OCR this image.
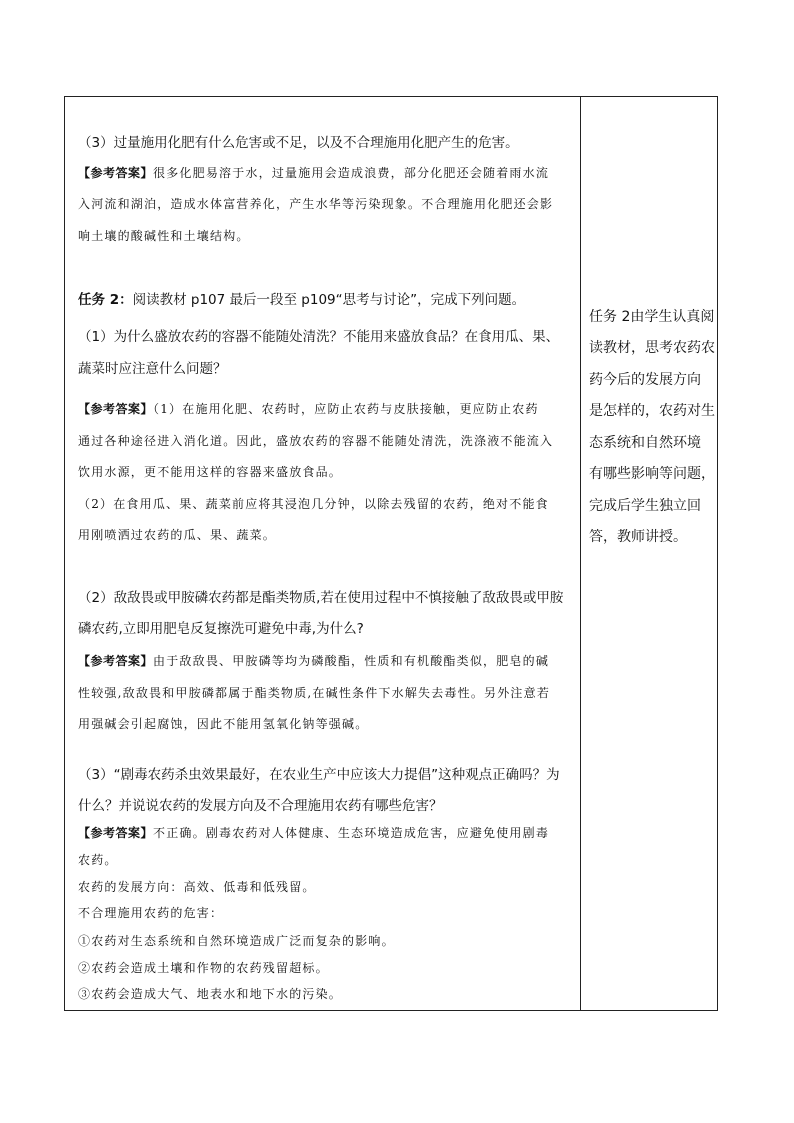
（3）过量施用化肥有什么危害或不足，以及不合理施用化肥产生的危害。
【参考答案】很多化肥易溶于水，过量施用会造成浪费，部分化肥还会随着雨水流
入河流和湖泊，造成水体富营养化，产生水华等污染现象。不合理施用化肥还会影
响土壤的酸碱性和土壤结构。
任务 2：阅读教材 p107 最后一段至 p109“思考与讨论”，完成下列问题。
（1）为什么盛放农药的容器不能随处清洗？不能用来盛放食品？在食用瓜、果、
蔬菜时应注意什么问题？
【参考答案】（1）在施用化肥、农药时，应防止农药与皮肤接触，更应防止农药
通过各种途径进入消化道。因此，盛放农药的容器不能随处清洗，洗涤液不能流入
饮用水源，更不能用这样的容器来盛放食品。
（2）在食用瓜、果、蔬菜前应将其浸泡几分钟，以除去残留的农药，绝对不能食
用刚喷洒过农药的瓜、果、蔬菜。
（2）敌敌畏或甲胺磷农药都是酯类物质,若在使用过程中不慎接触了敌敌畏或甲胺
磷农药,立即用肥皂反复擦洗可避免中毒,为什么?
【参考答案】由于敌敌畏、甲胺磷等均为磷酸酯，性质和有机酸酯类似，肥皂的碱
性较强,敌敌畏和甲胺磷都属于酯类物质,在碱性条件下水解失去毒性。另外注意若
用强碱会引起腐蚀，因此不能用氢氧化钠等强碱。
（3）“剧毒农药杀虫效果最好，在农业生产中应该大力提倡”这种观点正确吗？为
什么？并说说农药的发展方向及不合理施用农药有哪些危害？
【参考答案】不正确。剧毒农药对人体健康、生态环境造成危害，应避免使用剧毒
农药。
农药的发展方向：高效、低毒和低残留。
不合理施用农药的危害：
①农药对生态系统和自然环境造成广泛而复杂的影响。
②农药会造成土壤和作物的农药残留超标。
③农药会造成大气、地表水和地下水的污染。
任务 2由学生认真阅
读教材，思考农药农
药今后的发展方向
是怎样的，农药对生
态系统和自然环境
有哪些影响等问题，
完成后学生独立回
答，教师讲授。
